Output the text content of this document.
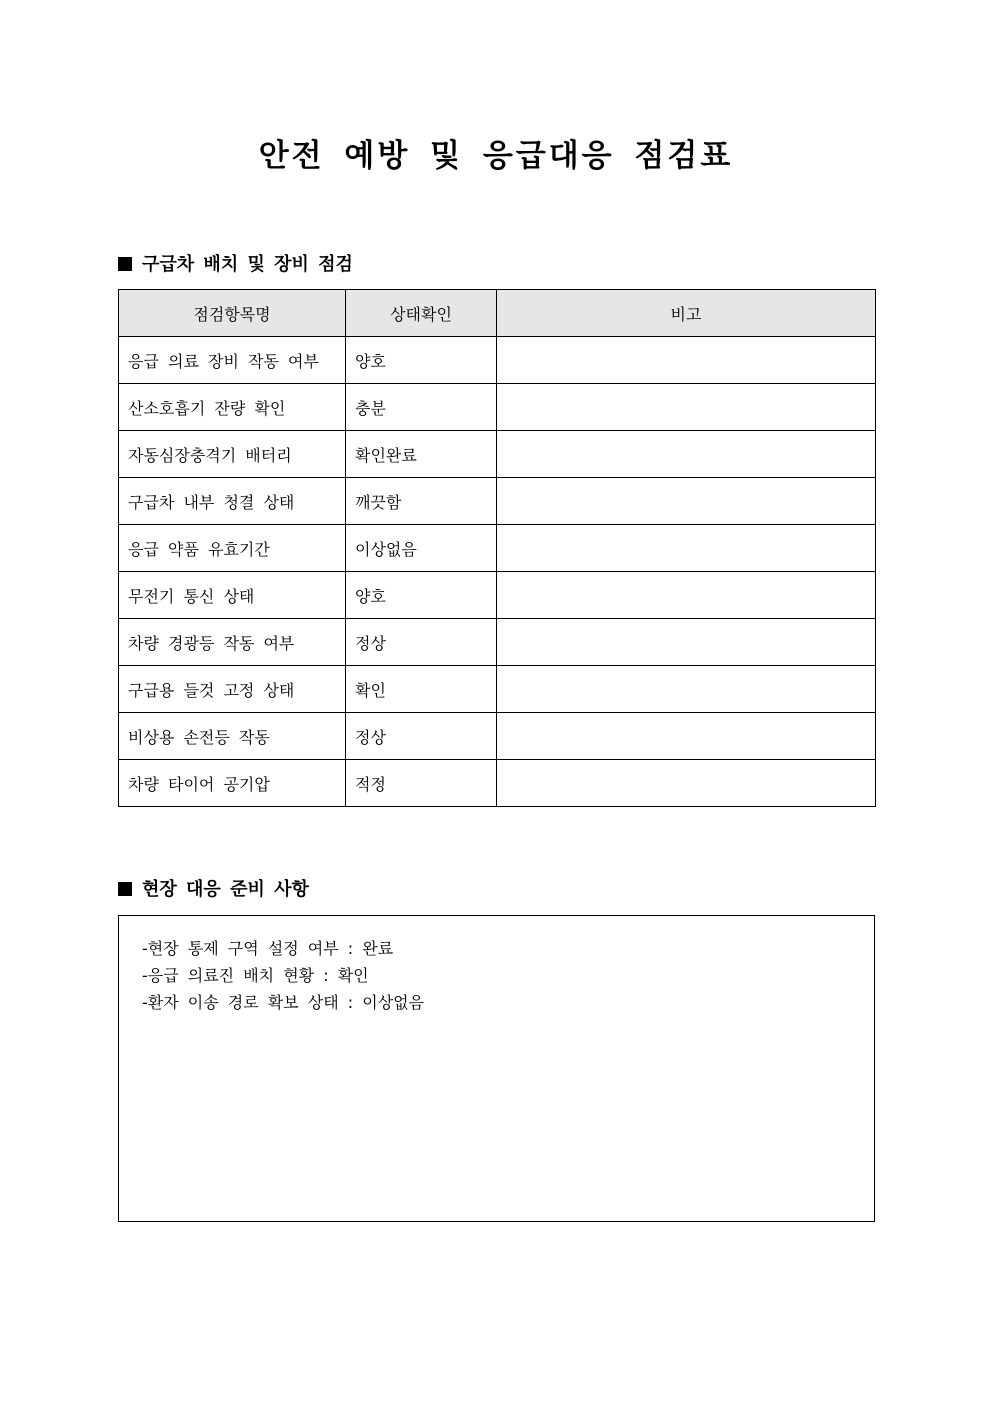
안전 예방 및 응급대응 점검표
구급차 배치 및 장비 점검
점검항목명	상태확인	비고
응급 의료 장비 작동 여부	양호	
산소호흡기 잔량 확인	충분	
자동심장충격기 배터리	확인완료	
구급차 내부 청결 상태	깨끗함	
응급 약품 유효기간	이상없음	
무전기 통신 상태	양호	
차량 경광등 작동 여부	정상	
구급용 들것 고정 상태	확인	
비상용 손전등 작동	정상	
차량 타이어 공기압	적정	
현장 대응 준비 사항
-현장 통제 구역 설정 여부 : 완료
-응급 의료진 배치 현황 : 확인
-환자 이송 경로 확보 상태 : 이상없음
